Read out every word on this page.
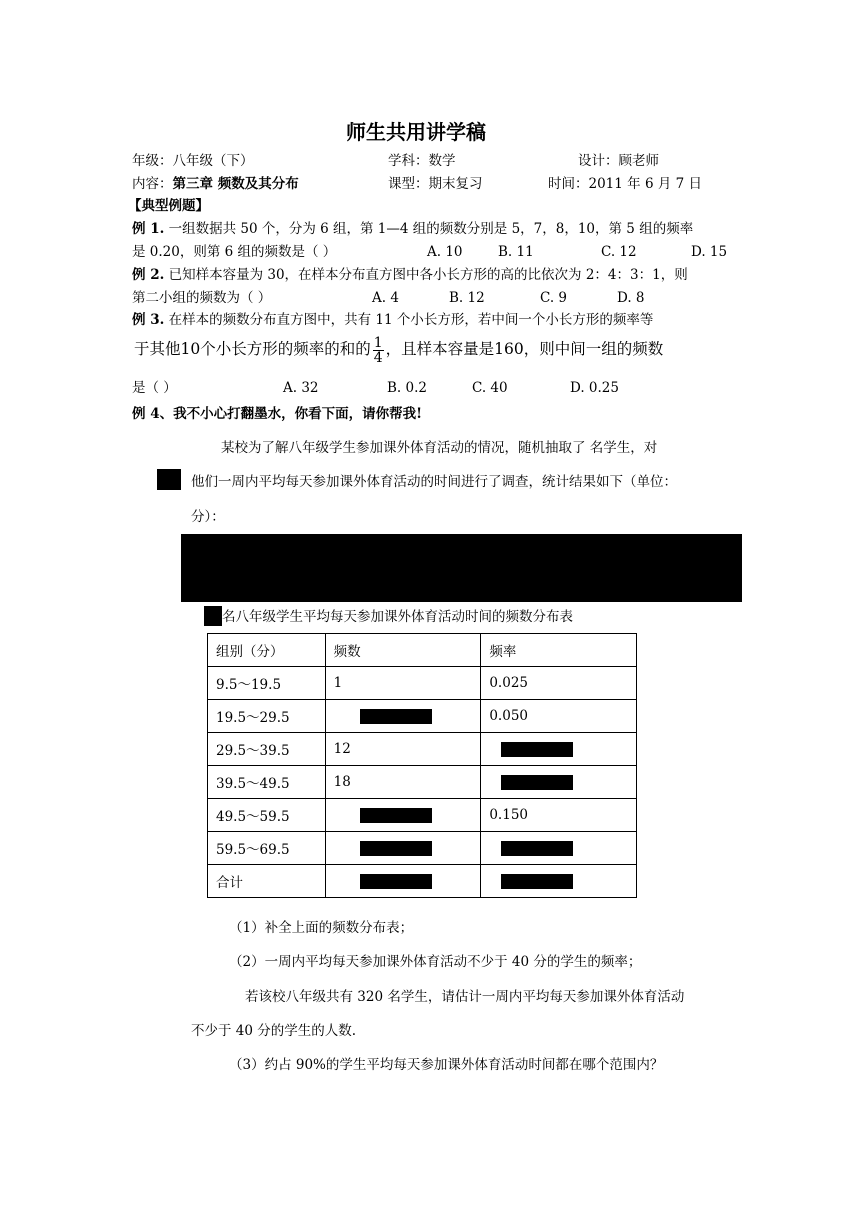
师生共用讲学稿
年级：八年级（下）	学科：数学	设计：顾老师
内容：第三章 频数及其分布	课型：期末复习	时间：2011 年 6 月 7 日
【典型例题】
例 1. 一组数据共 50 个，分为 6 组，第 1—4 组的频数分别是 5，7，8，10，第 5 组的频率
是 0.20，则第 6 组的频数是（ ）	A. 10	B. 11	C. 12	D. 15
例 2. 已知样本容量为 30，在样本分布直方图中各小长方形的高的比依次为 2：4：3：1，则
第二小组的频数为（ ）	A. 4	B. 12	C. 9	D. 8
例 3. 在样本的频数分布直方图中，共有 11 个小长方形，若中间一个小长方形的频率等
于其他10个小长方形的频率的和的 $\frac{1}{4}$ ，且样本容量是160，则中间一组的频数
是（ ）	A. 32	B. 0.2	C. 40	D. 0.25
例 4、我不小心打翻墨水，你看下面，请你帮我!
某校为了解八年级学生参加课外体育活动的情况，随机抽取了 名学生，对
他们一周内平均每天参加课外体育活动的时间进行了调查，统计结果如下（单位：
分）：
名八年级学生平均每天参加课外体育活动时间的频数分布表
组别（分）	频数	频率
9.5～19.5	1	0.025
19.5～29.5		0.050
29.5～39.5	12	

39.5～49.5	18	

49.5～59.5		0.150
59.5～69.5	

合计	

（1）补全上面的频数分布表；
（2）一周内平均每天参加课外体育活动不少于 40 分的学生的频率；
若该校八年级共有 320 名学生，请估计一周内平均每天参加课外体育活动
不少于 40 分的学生的人数.
（3）约占 90%的学生平均每天参加课外体育活动时间都在哪个范围内？
